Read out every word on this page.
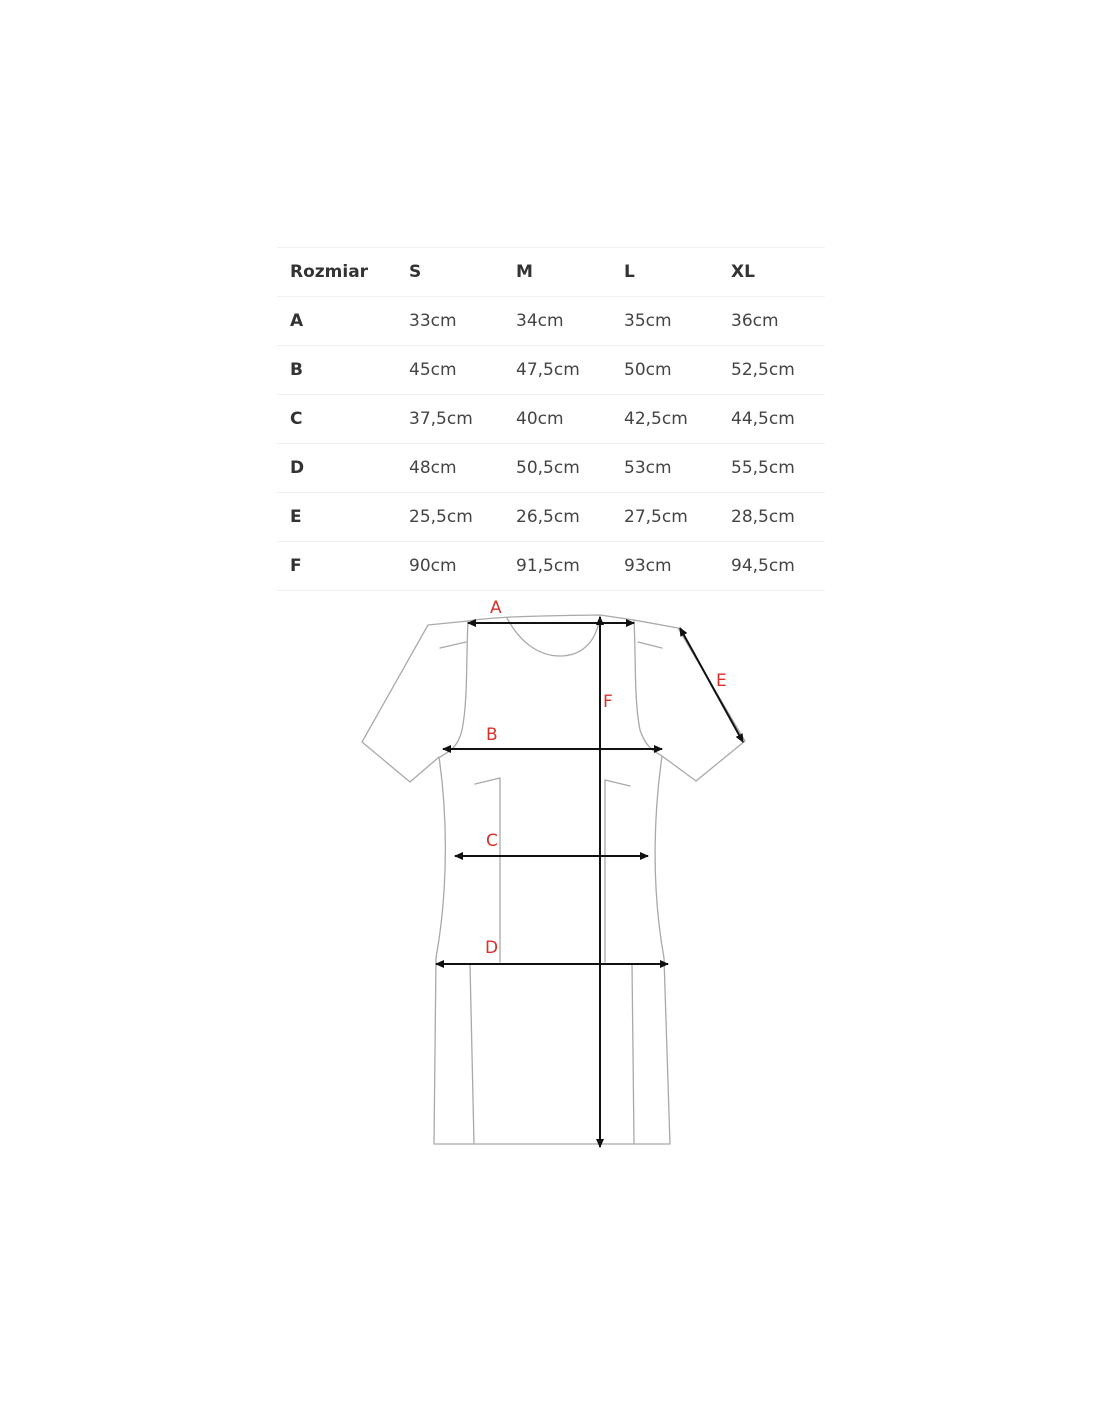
Rozmiar	S	M	L	XL
A	33cm	34cm	35cm	36cm
B	45cm	47,5cm	50cm	52,5cm
C	37,5cm	40cm	42,5cm	44,5cm
D	48cm	50,5cm	53cm	55,5cm
E	25,5cm	26,5cm	27,5cm	28,5cm
F	90cm	91,5cm	93cm	94,5cm
A
B
C
D
E
F
